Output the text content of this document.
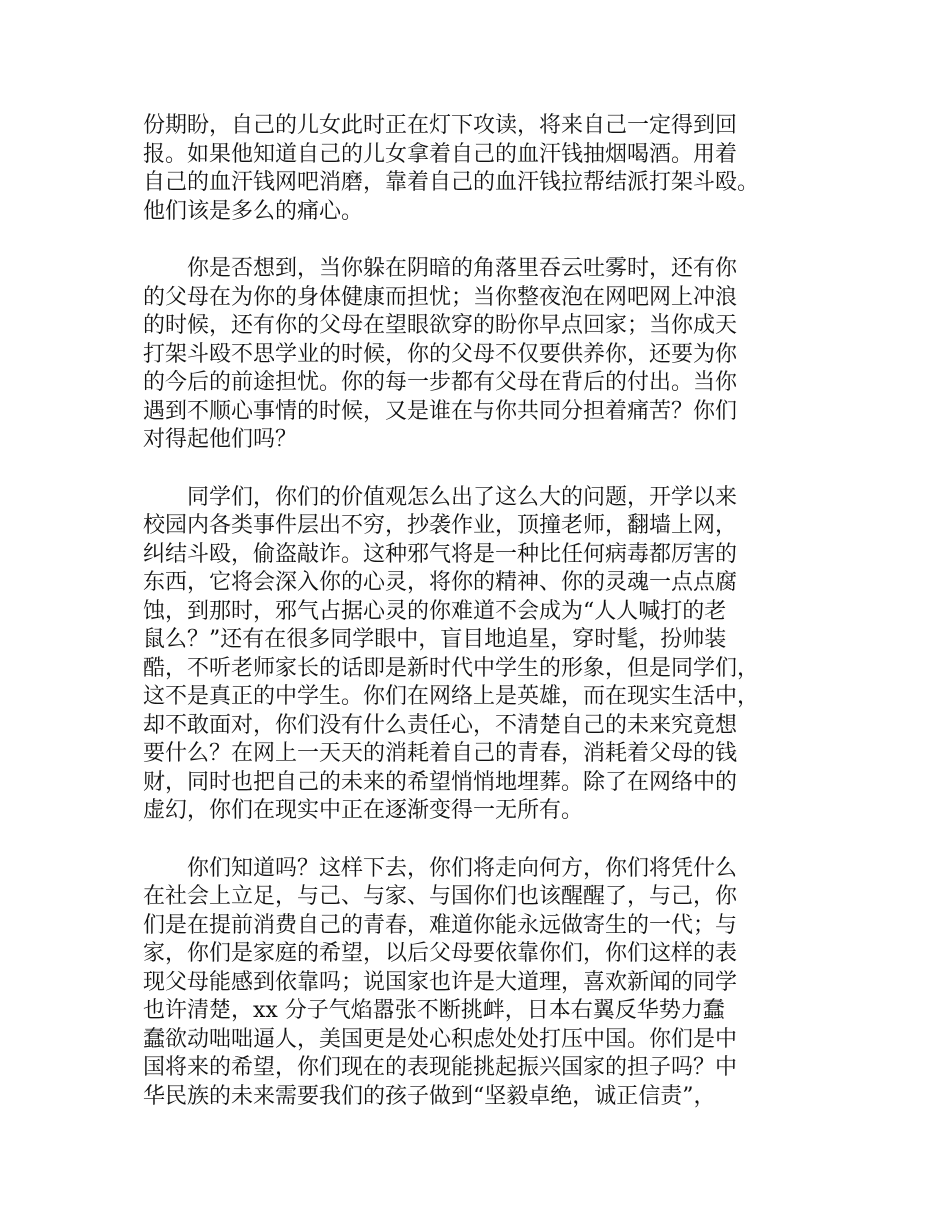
份期盼，自己的儿女此时正在灯下攻读，将来自己一定得到回
报。如果他知道自己的儿女拿着自己的血汗钱抽烟喝酒。用着
自己的血汗钱网吧消磨，靠着自己的血汗钱拉帮结派打架斗殴。
他们该是多么的痛心。
你是否想到，当你躲在阴暗的角落里吞云吐雾时，还有你
的父母在为你的身体健康而担忧；当你整夜泡在网吧网上冲浪
的时候，还有你的父母在望眼欲穿的盼你早点回家；当你成天
打架斗殴不思学业的时候，你的父母不仅要供养你，还要为你
的今后的前途担忧。你的每一步都有父母在背后的付出。当你
遇到不顺心事情的时候，又是谁在与你共同分担着痛苦？你们
对得起他们吗？
同学们，你们的价值观怎么出了这么大的问题，开学以来
校园内各类事件层出不穷，抄袭作业，顶撞老师，翻墙上网，
纠结斗殴，偷盗敲诈。这种邪气将是一种比任何病毒都厉害的
东西，它将会深入你的心灵，将你的精神、你的灵魂一点点腐
蚀，到那时，邪气占据心灵的你难道不会成为“人人喊打的老
鼠么？”还有在很多同学眼中，盲目地追星，穿时髦，扮帅装
酷，不听老师家长的话即是新时代中学生的形象，但是同学们，
这不是真正的中学生。你们在网络上是英雄，而在现实生活中，
却不敢面对，你们没有什么责任心，不清楚自己的未来究竟想
要什么？在网上一天天的消耗着自己的青春，消耗着父母的钱
财，同时也把自己的未来的希望悄悄地埋葬。除了在网络中的
虚幻，你们在现实中正在逐渐变得一无所有。
你们知道吗？这样下去，你们将走向何方，你们将凭什么
在社会上立足，与己、与家、与国你们也该醒醒了，与己，你
们是在提前消费自己的青春，难道你能永远做寄生的一代；与
家，你们是家庭的希望，以后父母要依靠你们，你们这样的表
现父母能感到依靠吗；说国家也许是大道理，喜欢新闻的同学
也许清楚，xx 分子气焰嚣张不断挑衅，日本右翼反华势力蠢
蠢欲动咄咄逼人，美国更是处心积虑处处打压中国。你们是中
国将来的希望，你们现在的表现能挑起振兴国家的担子吗？中
华民族的未来需要我们的孩子做到“坚毅卓绝，诚正信责”，
